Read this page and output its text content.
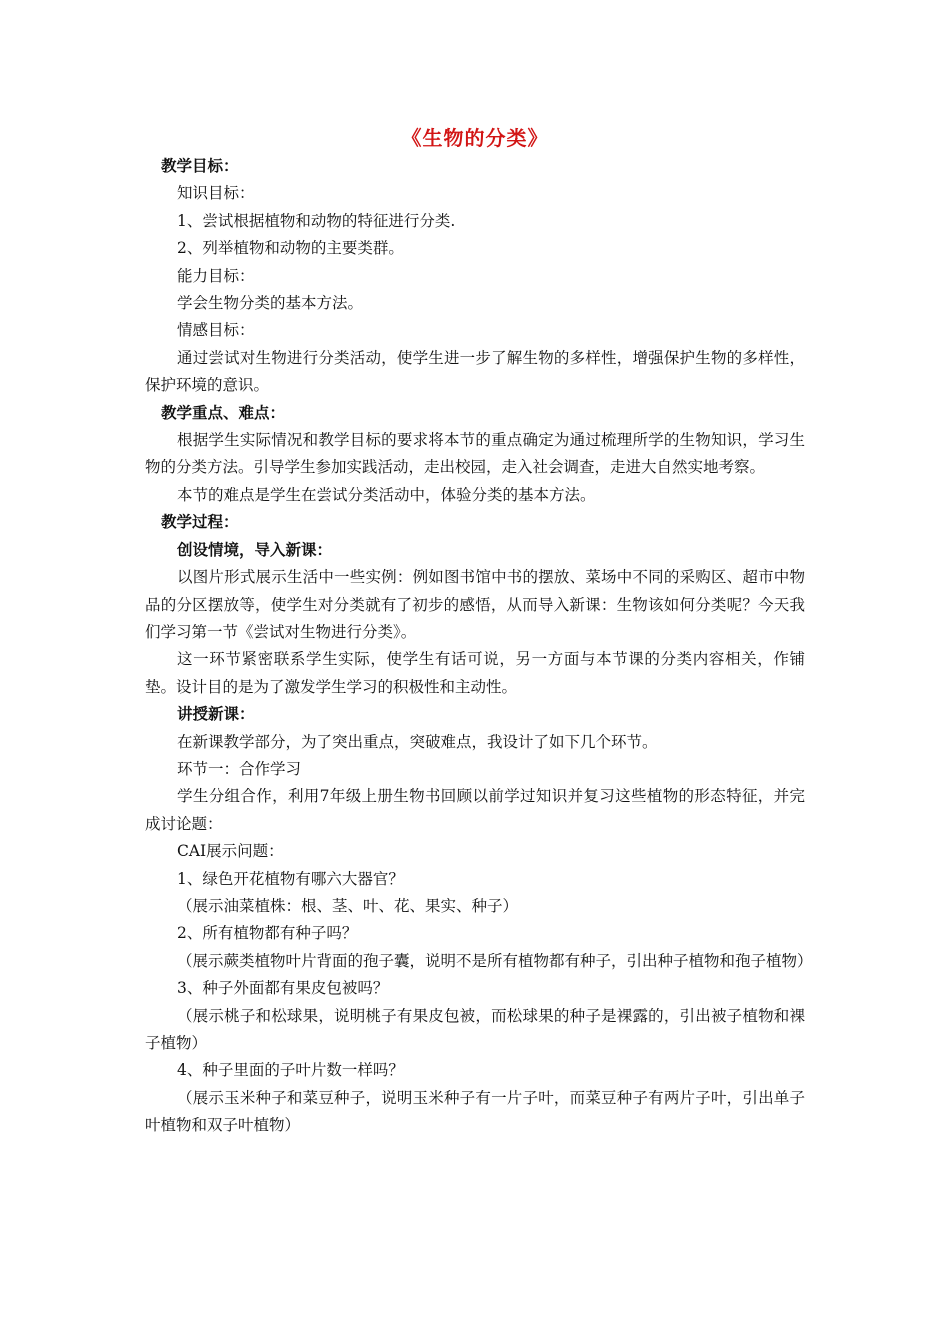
《生物的分类》

教学目标：

知识目标：

1、尝试根据植物和动物的特征进行分类.

2、列举植物和动物的主要类群。

能力目标：

学会生物分类的基本方法。

情感目标：

通过尝试对生物进行分类活动，使学生进一步了解生物的多样性，增强保护生物的多样性，保护环境的意识。

教学重点、难点：

根据学生实际情况和教学目标的要求将本节的重点确定为通过梳理所学的生物知识，学习生物的分类方法。引导学生参加实践活动，走出校园，走入社会调查，走进大自然实地考察。

本节的难点是学生在尝试分类活动中，体验分类的基本方法。

教学过程：

创设情境，导入新课：

以图片形式展示生活中一些实例：例如图书馆中书的摆放、菜场中不同的采购区、超市中物品的分区摆放等，使学生对分类就有了初步的感悟，从而导入新课：生物该如何分类呢？今天我们学习第一节《尝试对生物进行分类》。

这一环节紧密联系学生实际，使学生有话可说，另一方面与本节课的分类内容相关，作铺垫。设计目的是为了激发学生学习的积极性和主动性。

讲授新课：

在新课教学部分，为了突出重点，突破难点，我设计了如下几个环节。

环节一：合作学习

学生分组合作，利用7年级上册生物书回顾以前学过知识并复习这些植物的形态特征，并完成讨论题：

CAI展示问题：

1、绿色开花植物有哪六大器官？

（展示油菜植株：根、茎、叶、花、果实、种子）

2、所有植物都有种子吗？

（展示蕨类植物叶片背面的孢子囊，说明不是所有植物都有种子，引出种子植物和孢子植物）

3、种子外面都有果皮包被吗？

（展示桃子和松球果，说明桃子有果皮包被，而松球果的种子是裸露的，引出被子植物和裸子植物）

4、种子里面的子叶片数一样吗？

（展示玉米种子和菜豆种子，说明玉米种子有一片子叶，而菜豆种子有两片子叶，引出单子叶植物和双子叶植物）
